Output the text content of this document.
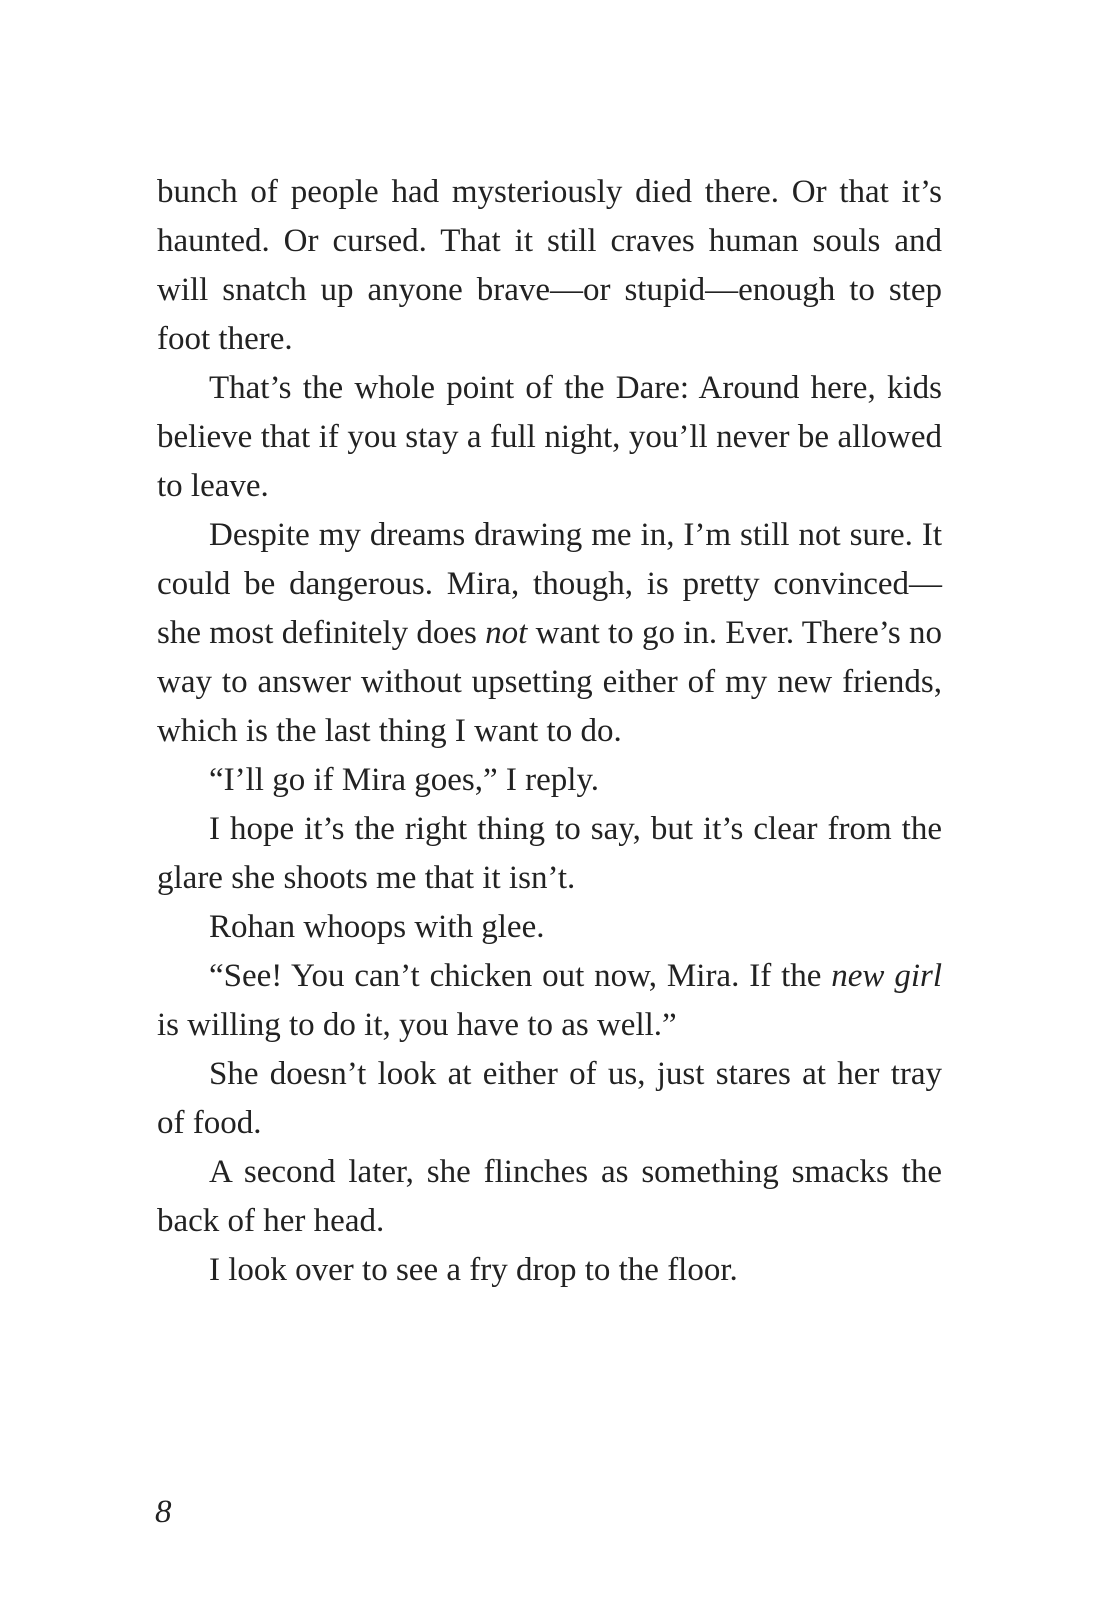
bunch of people had mysteriously died there. Or that it’s haunted. Or cursed. That it still craves human souls and will snatch up anyone brave—or stupid—enough to step foot there.

That’s the whole point of the Dare: Around here, kids believe that if you stay a full night, you’ll never be allowed to leave.

Despite my dreams drawing me in, I’m still not sure. It could be dangerous. Mira, though, is pretty convinced—she most definitely does not want to go in. Ever. There’s no way to answer without upsetting either of my new friends, which is the last thing I want to do.

“I’ll go if Mira goes,” I reply.

I hope it’s the right thing to say, but it’s clear from the glare she shoots me that it isn’t.

Rohan whoops with glee.

“See! You can’t chicken out now, Mira. If the new girl is willing to do it, you have to as well.”

She doesn’t look at either of us, just stares at her tray of food.

A second later, she flinches as something smacks the back of her head.

I look over to see a fry drop to the floor.

8
